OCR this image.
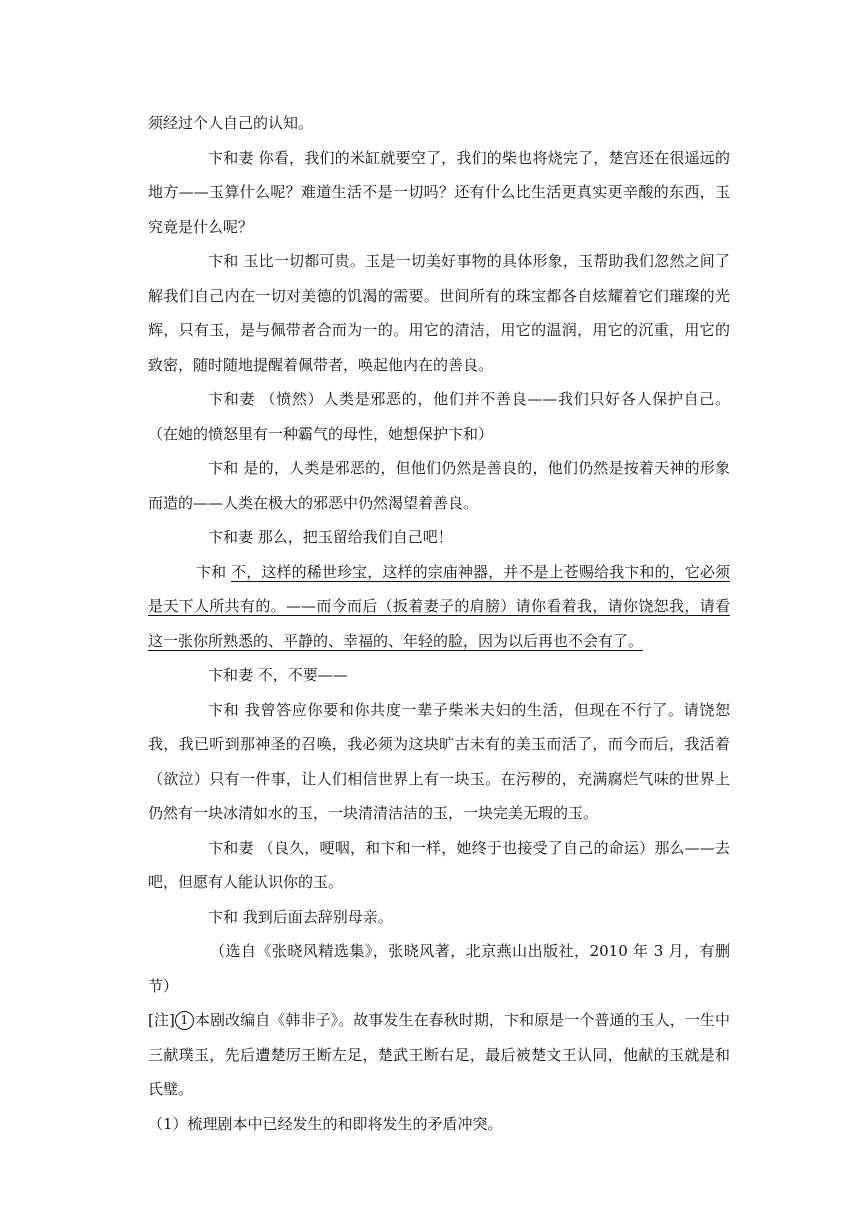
须经过个人自己的认知。

卞和妻 你看，我们的米缸就要空了，我们的柴也将烧完了，楚宫还在很遥远的地方——玉算什么呢？难道生活不是一切吗？还有什么比生活更真实更辛酸的东西，玉究竟是什么呢？

卞和 玉比一切都可贵。玉是一切美好事物的具体形象，玉帮助我们忽然之间了解我们自己内在一切对美德的饥渴的需要。世间所有的珠宝都各自炫耀着它们璀璨的光辉，只有玉，是与佩带者合而为一的。用它的清洁，用它的温润，用它的沉重，用它的致密，随时随地提醒着佩带者，唤起他内在的善良。

卞和妻 （愤然）人类是邪恶的，他们并不善良——我们只好各人保护自己。（在她的愤怒里有一种霸气的母性，她想保护卞和）

卞和 是的，人类是邪恶的，但他们仍然是善良的，他们仍然是按着天神的形象而造的——人类在极大的邪恶中仍然渴望着善良。

卞和妻 那么，把玉留给我们自己吧！

卞和 不，这样的稀世珍宝，这样的宗庙神器，并不是上苍赐给我卞和的，它必须是天下人所共有的。——而今而后（扳着妻子的肩膀）请你看着我，请你饶恕我，请看这一张你所熟悉的、平静的、幸福的、年轻的脸，因为以后再也不会有了。

卞和妻 不，不要——

卞和 我曾答应你要和你共度一辈子柴米夫妇的生活，但现在不行了。请饶恕我，我已听到那神圣的召唤，我必须为这块旷古未有的美玉而活了，而今而后，我活着（欲泣）只有一件事，让人们相信世界上有一块玉。在污秽的，充满腐烂气味的世界上仍然有一块冰清如水的玉，一块清清洁洁的玉，一块完美无瑕的玉。

卞和妻 （良久，哽咽，和卞和一样，她终于也接受了自己的命运）那么——去吧，但愿有人能认识你的玉。

卞和 我到后面去辞别母亲。

（选自《张晓风精选集》，张晓风著，北京燕山出版社，2010 年 3 月，有删节）

[注] 1 本剧改编自《韩非子》。故事发生在春秋时期，卞和原是一个普通的玉人，一生中三献璞玉，先后遭楚厉王断左足，楚武王断右足，最后被楚文王认同，他献的玉就是和氏璧。

（1）梳理剧本中已经发生的和即将发生的矛盾冲突。
